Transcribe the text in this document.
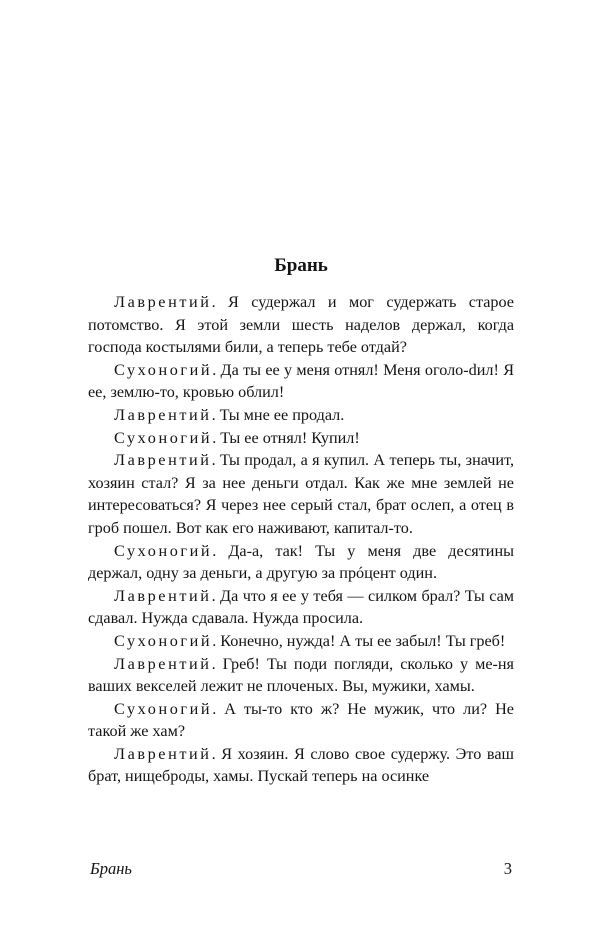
Брань

Лаврентий. Я судержал и мог судержать старое потомство. Я этой земли шесть наделов держал, когда господа костылями били, а теперь тебе отдай?

Сухоногий. Да ты ее у меня отнял! Меня оголо-dил! Я ее, землю-то, кровью облил!

Лаврентий. Ты мне ее продал.

Сухоногий. Ты ее отнял! Купил!

Лаврентий. Ты продал, а я купил. А теперь ты, значит, хозяин стал? Я за нее деньги отдал. Как же мне землей не интересоваться? Я через нее серый стал, брат ослеп, а отец в гроб пошел. Вот как его наживают, капитал-то.

Сухоногий. Да-а, так! Ты у меня две десятины держал, одну за деньги, а другую за прóцент один.

Лаврентий. Да что я ее у тебя — силком брал? Ты сам сдавал. Нужда сдавала. Нужда просила.

Сухоногий. Конечно, нужда! А ты ее забыл! Ты греб!

Лаврентий. Греб! Ты поди погляди, сколько у ме-ня ваших векселей лежит не плоченых. Вы, мужики, хамы.

Сухоногий. А ты-то кто ж? Не мужик, что ли? Не такой же хам?

Лаврентий. Я хозяин. Я слово свое судержу. Это ваш брат, нищеброды, хамы. Пускай теперь на осинке

Брань	3
